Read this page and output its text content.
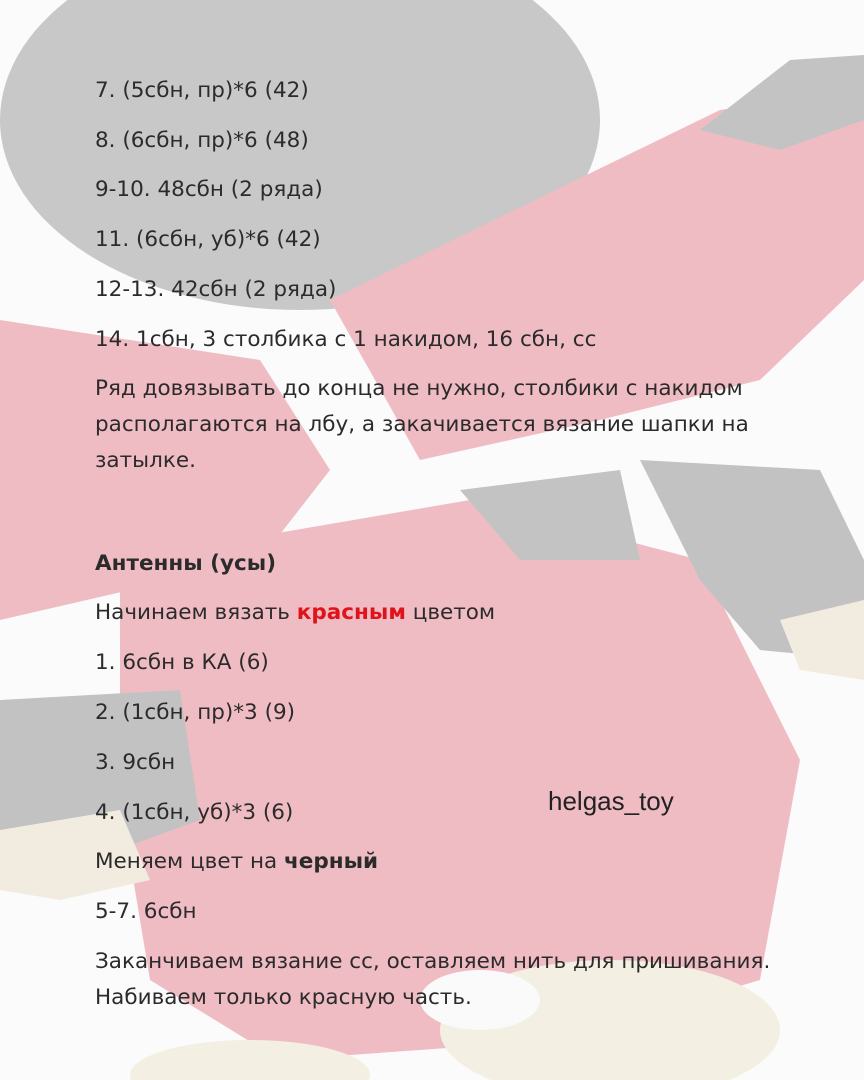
7. (5сбн, пр)*6 (42)
8. (6сбн, пр)*6 (48)
9-10. 48сбн (2 ряда)
11. (6сбн, уб)*6 (42)
12-13. 42сбн (2 ряда)
14. 1сбн, 3 столбика с 1 накидом, 16 сбн, сс
Ряд довязывать до конца не нужно, столбики с накидом располагаются на лбу, а закачивается вязание шапки на затылке.
Антенны (усы)
Начинаем вязать красным цветом
1. 6сбн в КА (6)
2. (1сбн, пр)*3 (9)
3. 9сбн
4. (1сбн, уб)*3 (6)
Меняем цвет на черный
5-7. 6сбн
Заканчиваем вязание сс, оставляем нить для пришивания. Набиваем только красную часть.
helgas_toy
